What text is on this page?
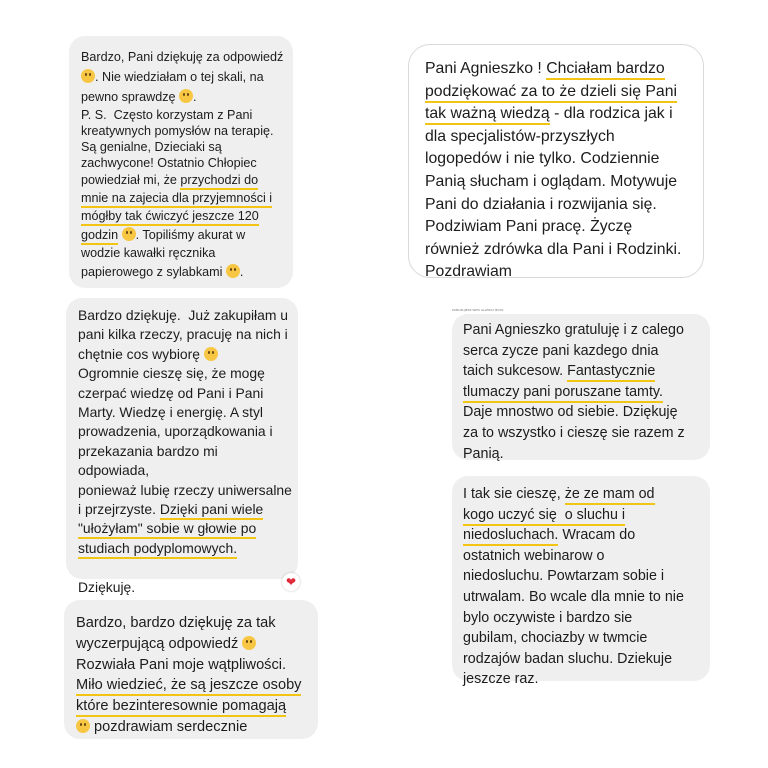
Bardzo, Pani dziękuję za odpowiedź

. Nie wiedziałam o tej skali, na

pewno sprawdzę .

P. S.  Często korzystam z Pani

kreatywnych pomysłów na terapię.

Są genialne, Dzieciaki są

zachwycone! Ostatnio Chłopiec

powiedział mi, że przychodzi do

mnie na zajecia dla przyjemności i

mógłby tak ćwiczyć jeszcze 120

godzin . Topiliśmy akurat w

wodzie kawałki ręcznika

papierowego z sylabkami .

Pani Agnieszko ! Chciałam bardzo

podziękować za to że dzieli się Pani

tak ważną wiedzą - dla rodzica jak i

dla specjalistów-przyszłych

logopedów i nie tylko. Codziennie

Panią słucham i oglądam. Motywuje

Pani do działania i rozwijania się.

Podziwiam Pani pracę. Życzę

również zdrówka dla Pani i Rodzinki.

Pozdrawiam

Bardzo dziękuję.  Już zakupiłam u

pani kilka rzeczy, pracuję na nich i

chętnie cos wybiorę

Ogromnie cieszę się, że mogę

czerpać wiedzę od Pani i Pani

Marty. Wiedzę i energię. A styl

prowadzenia, uporządkowania i

przekazania bardzo mi odpowiada,

ponieważ lubię rzeczy uniwersalne

i przejrzyste. Dzięki pani wiele

"ułożyłam" sobie w głowie po

studiach podyplomowych.

Dziękuję.	❤
PUBLIKUJESZ WPIS ALLERGY BOSS

Pani Agnieszko gratuluję i z calego

serca zycze pani kazdego dnia

taich sukcesow. Fantastycznie

tlumaczy pani poruszane tamty.

Daje mnostwo od siebie. Dziękuję

za to wszystko i cieszę sie razem z

Panią.

I tak sie cieszę, że ze mam od

kogo uczyć się  o sluchu i

niedosluchach. Wracam do

ostatnich webinarow o

niedosluchu. Powtarzam sobie i

utrwalam. Bo wcale dla mnie to nie

bylo oczywiste i bardzo sie

gubilam, chociazby w twmcie

rodzajów badan sluchu. Dziekuje

jeszcze raz.

Bardzo, bardzo dziękuję za tak

wyczerpującą odpowiedź

Rozwiała Pani moje wątpliwości.

Miło wiedzieć, że są jeszcze osoby

które bezinteresownie pomagają

pozdrawiam serdecznie
